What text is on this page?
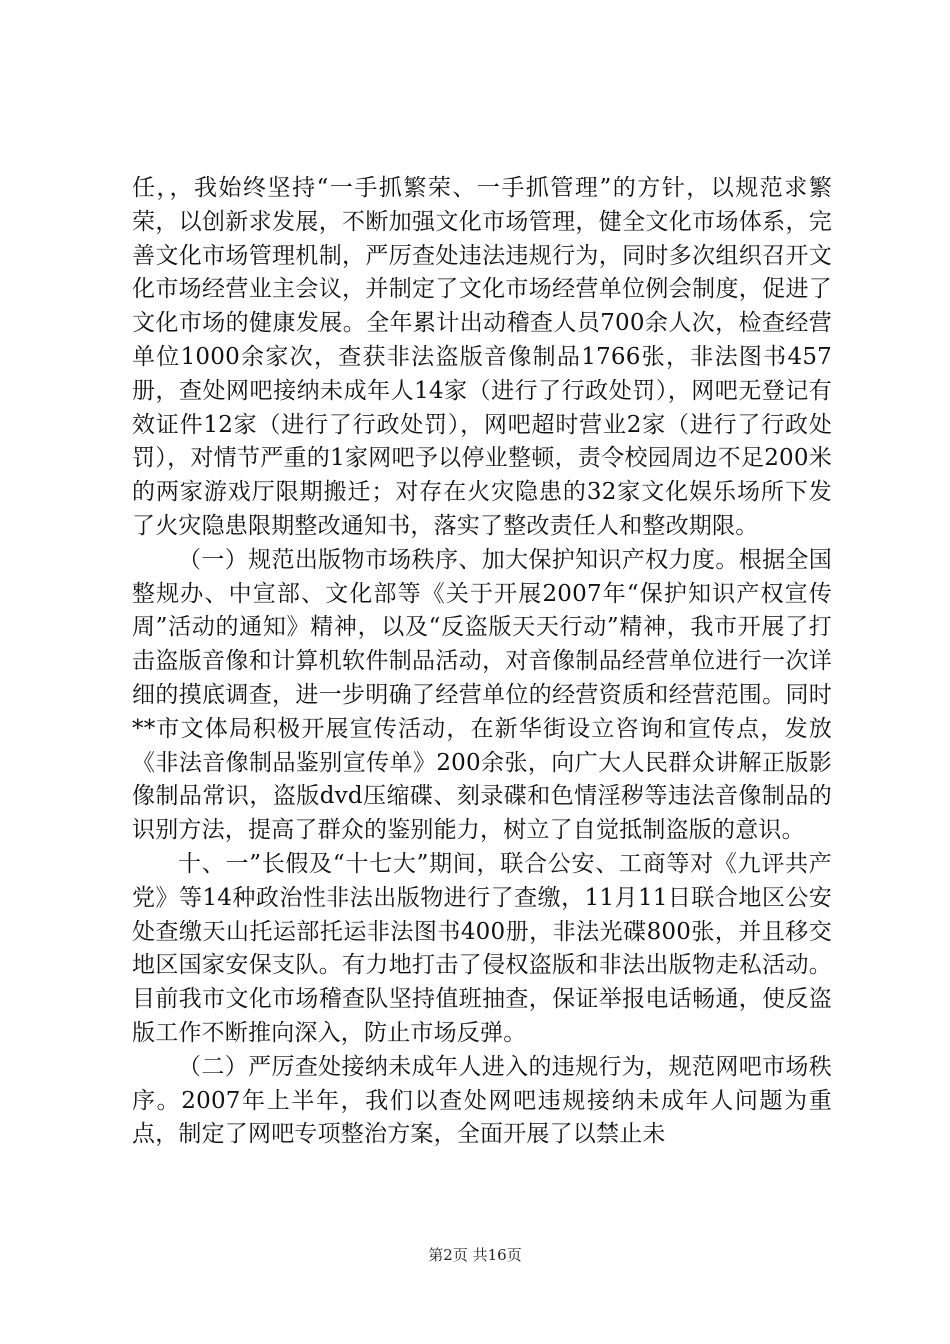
任，，我始终坚持“一手抓繁荣、一手抓管理”的方针，以规范求繁荣，以创新求发展，不断加强文化市场管理，健全文化市场体系，完善文化市场管理机制，严厉查处违法违规行为，同时多次组织召开文化市场经营业主会议，并制定了文化市场经营单位例会制度，促进了文化市场的健康发展。全年累计出动稽查人员700余人次，检查经营单位1000余家次，查获非法盗版音像制品1766张，非法图书457册，查处网吧接纳未成年人14家（进行了行政处罚），网吧无登记有效证件12家（进行了行政处罚），网吧超时营业2家（进行了行政处罚），对情节严重的1家网吧予以停业整顿，责令校园周边不足200米的两家游戏厅限期搬迁；对存在火灾隐患的32家文化娱乐场所下发了火灾隐患限期整改通知书，落实了整改责任人和整改期限。

（一）规范出版物市场秩序、加大保护知识产权力度。根据全国整规办、中宣部、文化部等《关于开展2007年“保护知识产权宣传周”活动的通知》精神，以及“反盗版天天行动”精神，我市开展了打击盗版音像和计算机软件制品活动，对音像制品经营单位进行一次详细的摸底调查，进一步明确了经营单位的经营资质和经营范围。同时**市文体局积极开展宣传活动，在新华街设立咨询和宣传点，发放《非法音像制品鉴别宣传单》200余张，向广大人民群众讲解正版影像制品常识，盗版dvd压缩碟、刻录碟和色情淫秽等违法音像制品的识别方法，提高了群众的鉴别能力，树立了自觉抵制盗版的意识。

十、一”长假及“十七大”期间，联合公安、工商等对《九评共产党》等14种政治性非法出版物进行了查缴，11月11日联合地区公安处查缴天山托运部托运非法图书400册，非法光碟800张，并且移交地区国家安保支队。有力地打击了侵权盗版和非法出版物走私活动。目前我市文化市场稽查队坚持值班抽查，保证举报电话畅通，使反盗版工作不断推向深入，防止市场反弹。

（二）严厉查处接纳未成年人进入的违规行为，规范网吧市场秩序。2007年上半年，我们以查处网吧违规接纳未成年人问题为重点，制定了网吧专项整治方案，全面开展了以禁止未

第2页 共16页
